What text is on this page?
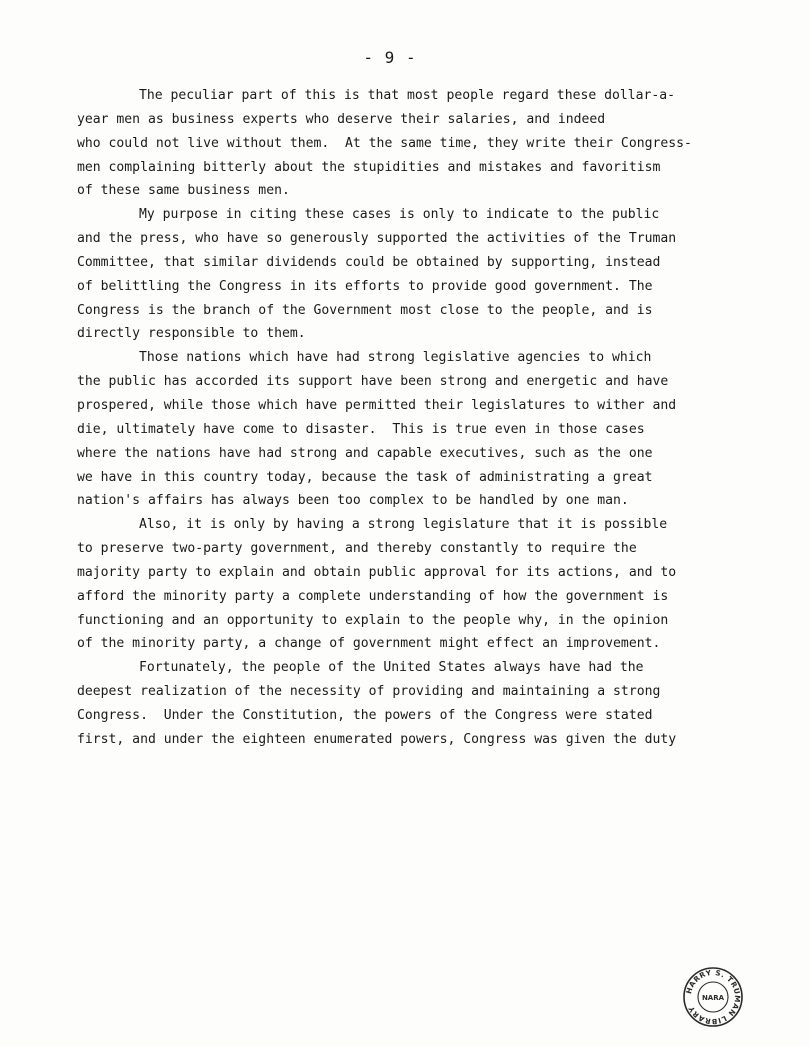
- 9 -
The peculiar part of this is that most people regard these dollar-a-
year men as business experts who deserve their salaries, and indeed
who could not live without them.  At the same time, they write their Congress-
men complaining bitterly about the stupidities and mistakes and favoritism
of these same business men.
My purpose in citing these cases is only to indicate to the public
and the press, who have so generously supported the activities of the Truman
Committee, that similar dividends could be obtained by supporting, instead
of belittling the Congress in its efforts to provide good government. The
Congress is the branch of the Government most close to the people, and is
directly responsible to them.
Those nations which have had strong legislative agencies to which
the public has accorded its support have been strong and energetic and have
prospered, while those which have permitted their legislatures to wither and
die, ultimately have come to disaster.  This is true even in those cases
where the nations have had strong and capable executives, such as the one
we have in this country today, because the task of administrating a great
nation's affairs has always been too complex to be handled by one man.
Also, it is only by having a strong legislature that it is possible
to preserve two-party government, and thereby constantly to require the
majority party to explain and obtain public approval for its actions, and to
afford the minority party a complete understanding of how the government is
functioning and an opportunity to explain to the people why, in the opinion
of the minority party, a change of government might effect an improvement.
Fortunately, the people of the United States always have had the
deepest realization of the necessity of providing and maintaining a strong
Congress.  Under the Constitution, the powers of the Congress were stated
first, and under the eighteen enumerated powers, Congress was given the duty
HARRY S. TRUMAN LIBRARY
NARA
